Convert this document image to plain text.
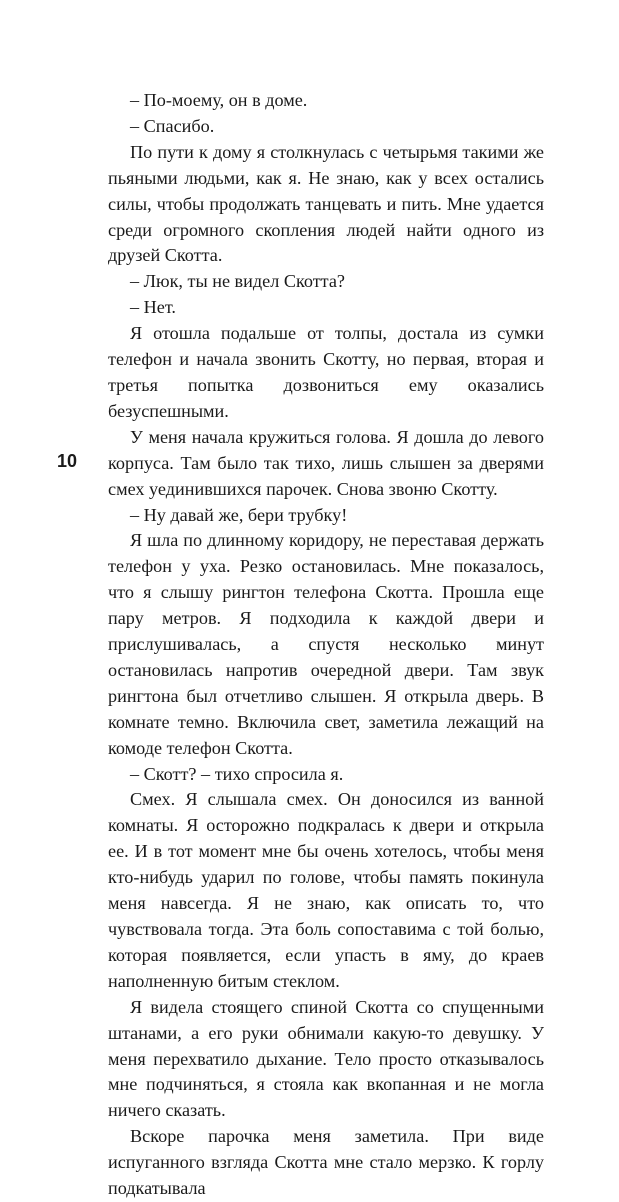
10

– По-моему, он в доме.

– Спасибо.

По пути к дому я столкнулась с четырьмя такими же пьяными людьми, как я. Не знаю, как у всех остались силы, чтобы продолжать танцевать и пить. Мне удается среди огромного скопления людей найти одного из друзей Скотта.

– Люк, ты не видел Скотта?

– Нет.

Я отошла подальше от толпы, достала из сумки телефон и начала звонить Скотту, но первая, вторая и третья попытка дозвониться ему оказались безуспешными.

У меня начала кружиться голова. Я дошла до левого корпуса. Там было так тихо, лишь слышен за дверями смех уединившихся парочек. Снова звоню Скотту.

– Ну давай же, бери трубку!

Я шла по длинному коридору, не переставая держать телефон у уха. Резко остановилась. Мне показалось, что я слышу рингтон телефона Скотта. Прошла еще пару метров. Я подходила к каждой двери и прислушивалась, а спустя несколько минут остановилась напротив очередной двери. Там звук рингтона был отчетливо слышен. Я открыла дверь. В комнате темно. Включила свет, заметила лежащий на комоде телефон Скотта.

– Скотт? – тихо спросила я.

Смех. Я слышала смех. Он доносился из ванной комнаты. Я осторожно подкралась к двери и открыла ее. И в тот момент мне бы очень хотелось, чтобы меня кто-нибудь ударил по голове, чтобы память покинула меня навсегда. Я не знаю, как описать то, что чувствовала тогда. Эта боль сопоставима с той болью, которая появляется, если упасть в яму, до краев наполненную битым стеклом.

Я видела стоящего спиной Скотта со спущенными штанами, а его руки обнимали какую-то девушку. У меня перехватило дыхание. Тело просто отказывалось мне подчиняться, я стояла как вкопанная и не могла ничего сказать.

Вскоре парочка меня заметила. При виде испуганного взгляда Скотта мне стало мерзко. К горлу подкатывала
